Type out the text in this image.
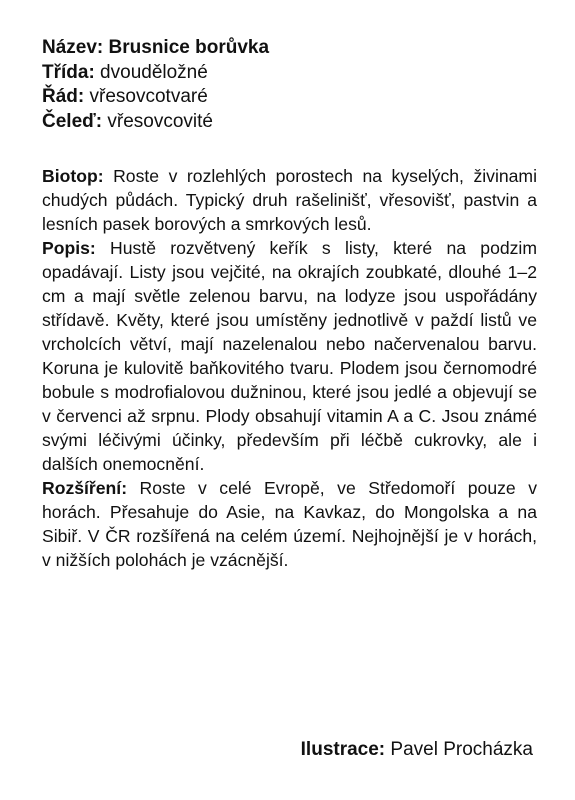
Název: Brusnice borůvka
Třída: dvouděložné
Řád: vřesovcotvaré
Čeleď: vřesovcovité
Biotop: Roste v rozlehlých porostech na kyselých, živinami chudých půdách. Typický druh rašelinišť, vřesovišť, pastvin a lesních pasek borových a smrkových lesů.
Popis: Hustě rozvětvený keřík s listy, které na podzim opadávají. Listy jsou vejčité, na okrajích zoubkaté, dlouhé 1–2 cm a mají světle zelenou barvu, na lodyze jsou uspořádány střídavě. Květy, které jsou umístěny jednotlivě v paždí listů ve vrcholcích větví, mají nazelenalou nebo načervenalou barvu. Koruna je kulovitě baňkovitého tvaru. Plodem jsou černomodré bobule s modrofialovou dužninou, které jsou jedlé a objevují se v červenci až srpnu. Plody obsahují vitamin A a C. Jsou známé svými léčivými účinky, především při léčbě cukrovky, ale i dalších onemocnění.
Rozšíření: Roste v celé Evropě, ve Středomoří pouze v horách. Přesahuje do Asie, na Kavkaz, do Mongolska a na Sibiř. V ČR rozšířená na celém území. Nejhojnější je v horách, v nižších polohách je vzácnější.
Ilustrace: Pavel Procházka
